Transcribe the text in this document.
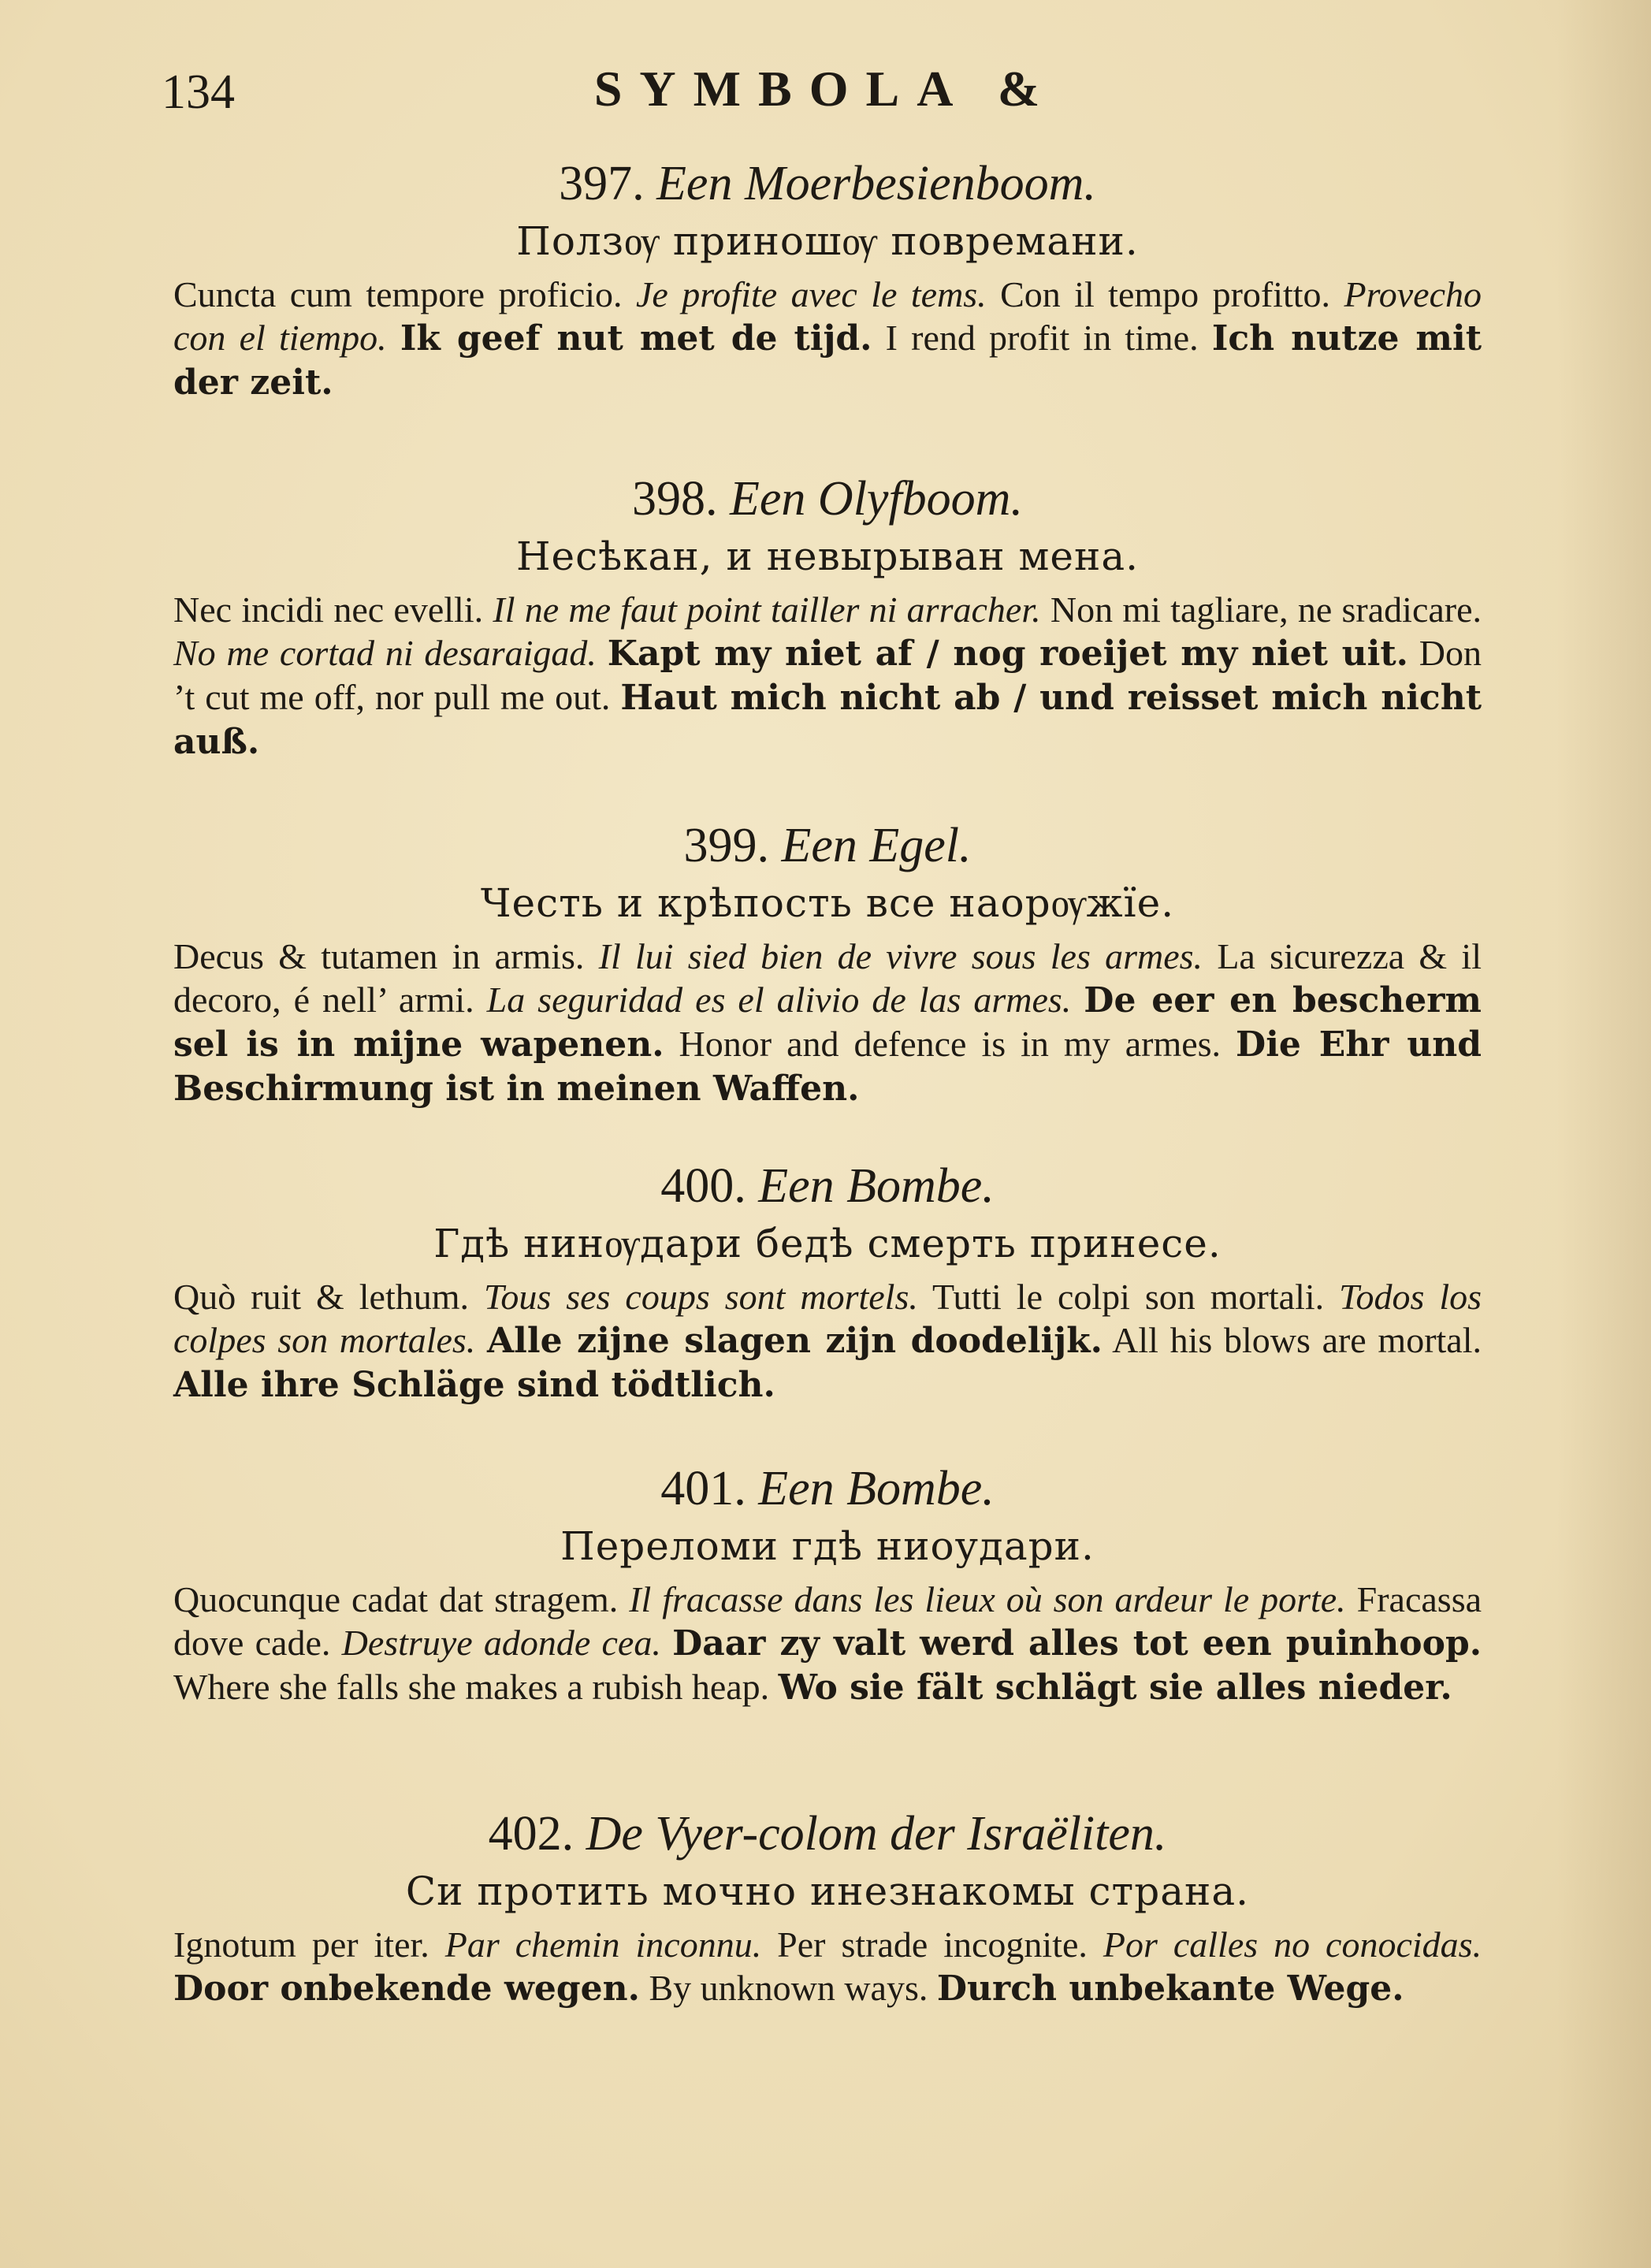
134	SYMBOLA &
397. Een Moerbesienboom.
Ползѹ приношѹ повремани.
Cuncta cum tempore proficio. Je profite avec le tems. Con il tempo profitto. Provecho con el tiempo. Ik geef nut met de tijd. I rend profit in time. Ich nutze mit der zeit.
398. Een Olyfboom.
Несѣкан, и невырыван мена.
Nec incidi nec evelli. Il ne me faut point tailler ni arracher. Non mi tagliare, ne sradicare. No me cortad ni desaraigad. Kapt my niet af / nog roeijet my niet uit. Don ’t cut me off, nor pull me out. Haut mich nicht ab / und reisset mich nicht auß.
399. Een Egel.
Честь и крѣпость все наорѹжїе.
Decus & tutamen in armis. Il lui sied bien de vivre sous les armes. La sicurezza & il decoro, é nell’ armi. La seguridad es el alivio de las armes. De eer en bescherm sel is in mijne wapenen. Honor and defence is in my armes. Die Ehr und Beschirmung ist in meinen Waffen.
400. Een Bombe.
Гдѣ нинѹдари бедѣ смерть принесе.
Quò ruit & lethum. Tous ses coups sont mortels. Tutti le colpi son mortali. Todos los colpes son mortales. Alle zijne slagen zijn doodelijk. All his blows are mortal. Alle ihre Schläge sind tödtlich.
401. Een Bombe.
Переломи гдѣ ниоудари.
Quocunque cadat dat stragem. Il fracasse dans les lieux où son ardeur le porte. Fracassa dove cade. Destruye adonde cea. Daar zy valt werd alles tot een puinhoop. Where she falls she makes a rubish heap. Wo sie fält schlägt sie alles nieder.
402. De Vyer-colom der Israëliten.
Си протить мочно инезнакомы страна.
Ignotum per iter. Par chemin inconnu. Per strade incognite. Por calles no conocidas. Door onbekende wegen. By unknown ways. Durch unbekante Wege.
